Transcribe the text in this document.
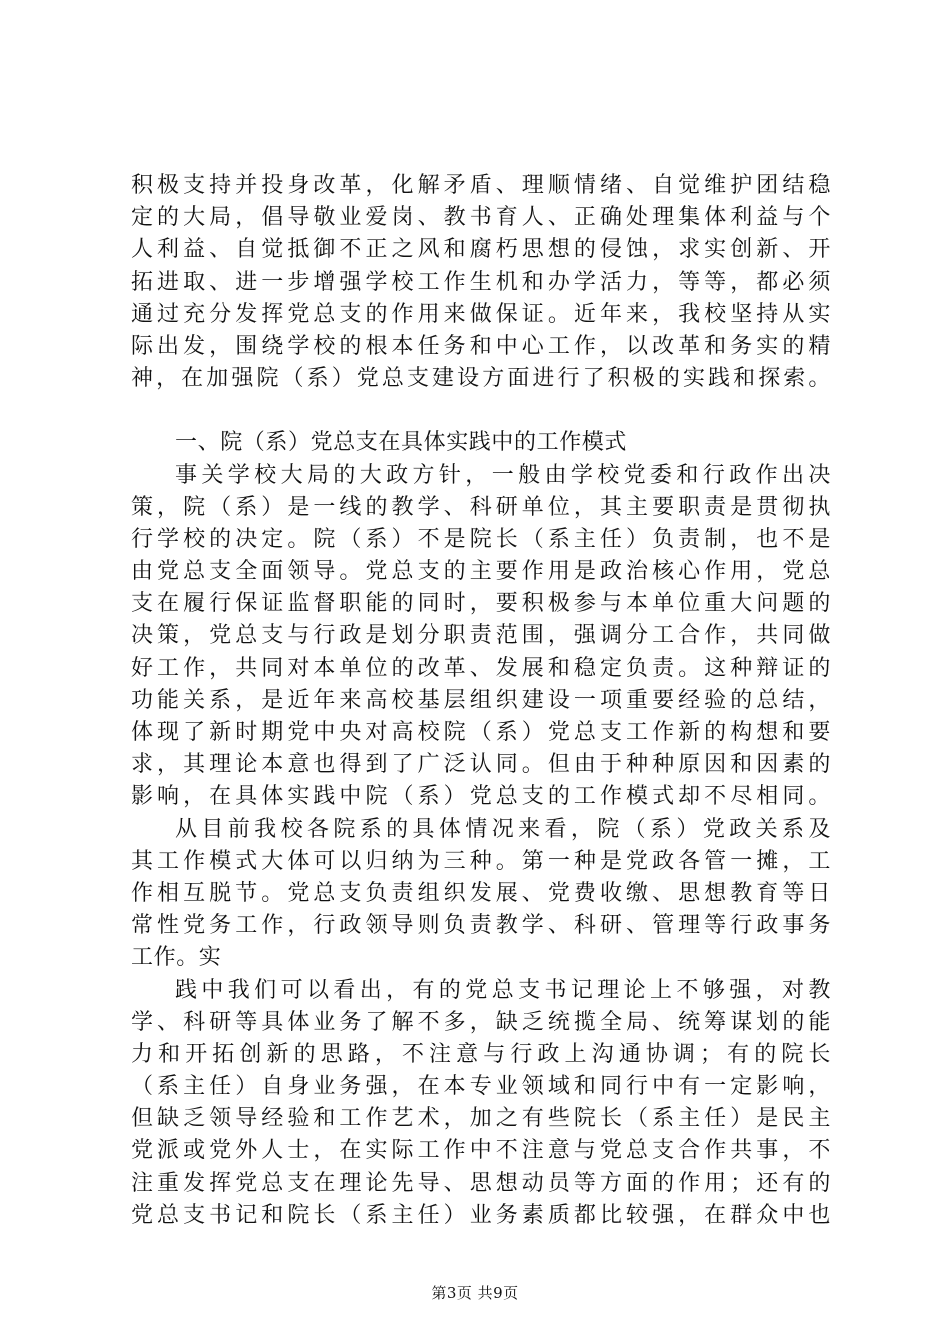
积极支持并投身改革，化解矛盾、理顺情绪、自觉维护团结稳
定的大局，倡导敬业爱岗、教书育人、正确处理集体利益与个
人利益、自觉抵御不正之风和腐朽思想的侵蚀，求实创新、开
拓进取、进一步增强学校工作生机和办学活力，等等，都必须
通过充分发挥党总支的作用来做保证。近年来，我校坚持从实
际出发，围绕学校的根本任务和中心工作，以改革和务实的精
神，在加强院（系）党总支建设方面进行了积极的实践和探索。
一、院（系）党总支在具体实践中的工作模式
事关学校大局的大政方针，一般由学校党委和行政作出决
策，院（系）是一线的教学、科研单位，其主要职责是贯彻执
行学校的决定。院（系）不是院长（系主任）负责制，也不是
由党总支全面领导。党总支的主要作用是政治核心作用，党总
支在履行保证监督职能的同时，要积极参与本单位重大问题的
决策，党总支与行政是划分职责范围，强调分工合作，共同做
好工作，共同对本单位的改革、发展和稳定负责。这种辩证的
功能关系，是近年来高校基层组织建设一项重要经验的总结，
体现了新时期党中央对高校院（系）党总支工作新的构想和要
求，其理论本意也得到了广泛认同。但由于种种原因和因素的
影响，在具体实践中院（系）党总支的工作模式却不尽相同。
从目前我校各院系的具体情况来看，院（系）党政关系及
其工作模式大体可以归纳为三种。第一种是党政各管一摊，工
作相互脱节。党总支负责组织发展、党费收缴、思想教育等日
常性党务工作，行政领导则负责教学、科研、管理等行政事务
工作。实
践中我们可以看出，有的党总支书记理论上不够强，对教
学、科研等具体业务了解不多，缺乏统揽全局、统筹谋划的能
力和开拓创新的思路，不注意与行政上沟通协调；有的院长
（系主任）自身业务强，在本专业领域和同行中有一定影响，
但缺乏领导经验和工作艺术，加之有些院长（系主任）是民主
党派或党外人士，在实际工作中不注意与党总支合作共事，不
注重发挥党总支在理论先导、思想动员等方面的作用；还有的
党总支书记和院长（系主任）业务素质都比较强，在群众中也
第3页 共9页
